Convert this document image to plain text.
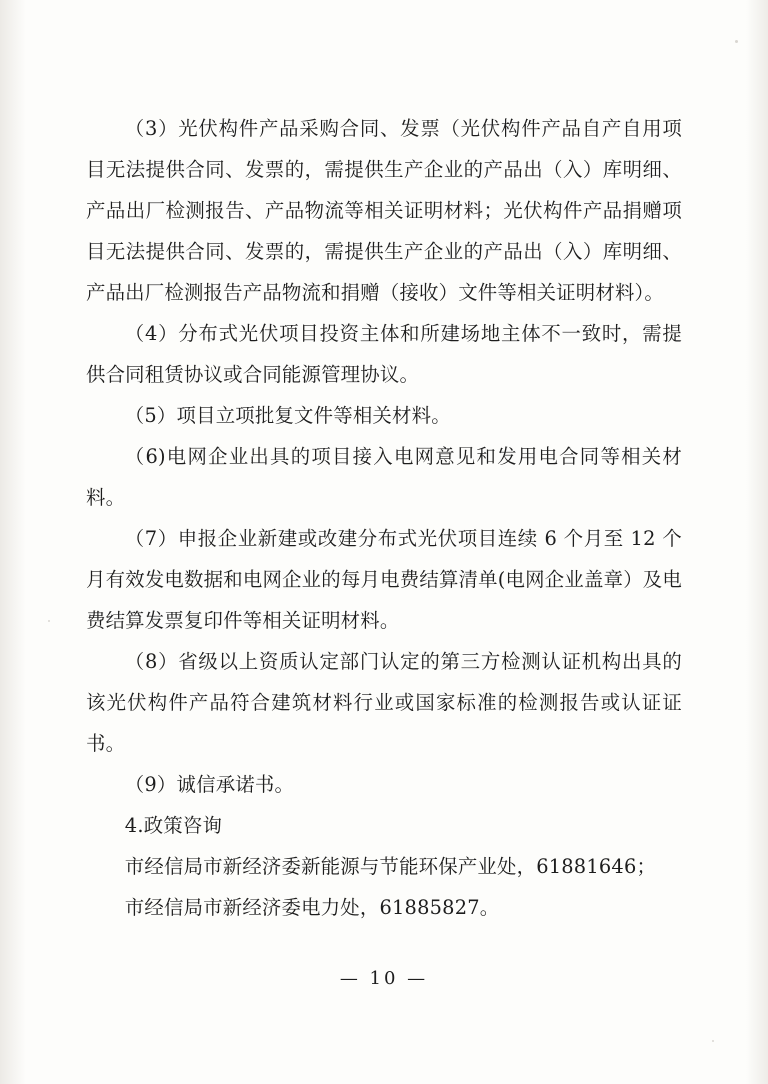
（3）光伏构件产品采购合同、发票（光伏构件产品自产自用项目无法提供合同、发票的，需提供生产企业的产品出（入）库明细、产品出厂检测报告、产品物流等相关证明材料；光伏构件产品捐赠项目无法提供合同、发票的，需提供生产企业的产品出（入）库明细、产品出厂检测报告产品物流和捐赠（接收）文件等相关证明材料）。

（4）分布式光伏项目投资主体和所建场地主体不一致时，需提供合同租赁协议或合同能源管理协议。

（5）项目立项批复文件等相关材料。

（6)电网企业出具的项目接入电网意见和发用电合同等相关材料。

（7）申报企业新建或改建分布式光伏项目连续 6 个月至 12 个月有效发电数据和电网企业的每月电费结算清单(电网企业盖章）及电费结算发票复印件等相关证明材料。

（8）省级以上资质认定部门认定的第三方检测认证机构出具的该光伏构件产品符合建筑材料行业或国家标准的检测报告或认证证书。

（9）诚信承诺书。

4.政策咨询

市经信局市新经济委新能源与节能环保产业处，61881646；

市经信局市新经济委电力处，61885827。

— 10 —
